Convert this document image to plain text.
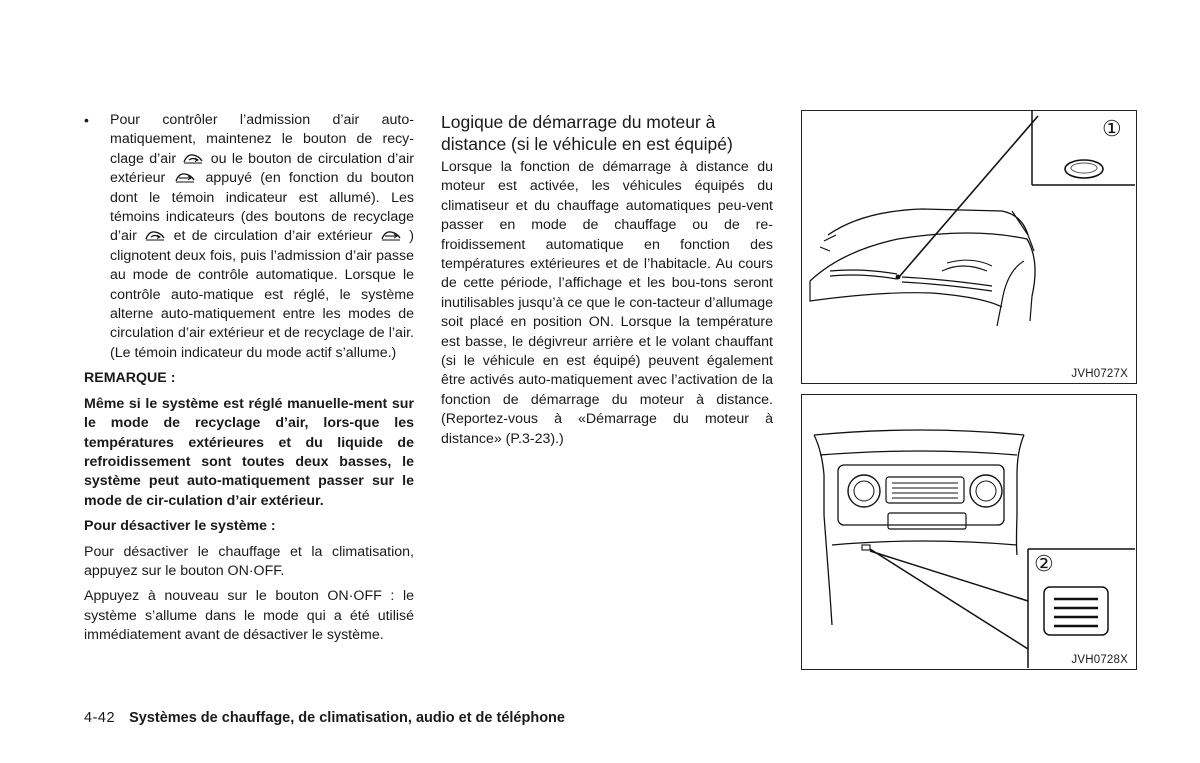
• Pour contrôler l’admission d’air auto-matiquement, maintenez le bouton de recy-clage d’air ou le bouton de circulation d’air extérieur	appuyé (en fonction du bouton dont le témoin indicateur est allumé). Les témoins indicateurs (des boutons de recyclage d’air	et de circulation d’air extérieur	) clignotent deux fois, puis l’admission d’air passe au mode de contrôle automatique. Lorsque le contrôle auto-matique est réglé, le système alterne auto-matiquement entre les modes de circulation d’air extérieur et de recyclage de l’air. (Le témoin indicateur du mode actif s’allume.)

REMARQUE :

Même si le système est réglé manuelle-ment sur le mode de recyclage d’air, lors-que les températures extérieures et du liquide de refroidissement sont toutes deux basses, le système peut auto-matiquement passer sur le mode de cir-culation d’air extérieur.

Pour désactiver le système :

Pour désactiver le chauffage et la climatisation, appuyez sur le bouton ON·OFF.

Appuyez à nouveau sur le bouton ON·OFF : le système s’allume dans le mode qui a été utilisé immédiatement avant de désactiver le système.

Logique de démarrage du moteur à
distance (si le véhicule en est équipé)

Lorsque la fonction de démarrage à distance du moteur est activée, les véhicules équipés du climatiseur et du chauffage automatiques peu-vent passer en mode de chauffage ou de re-froidissement automatique en fonction des températures extérieures et de l’habitacle. Au cours de cette période, l’affichage et les bou-tons seront inutilisables jusqu’à ce que le con-tacteur d’allumage soit placé en position ON. Lorsque la température est basse, le dégivreur arrière et le volant chauffant (si le véhicule en est équipé) peuvent également être activés auto-matiquement avec l’activation de la fonction de démarrage du moteur à distance. (Reportez-vous à «Démarrage du moteur à distance» (P.3-23).)

①
JVH0727X
②
JVH0728X
4-42 Systèmes de chauffage, de climatisation, audio et de téléphone
